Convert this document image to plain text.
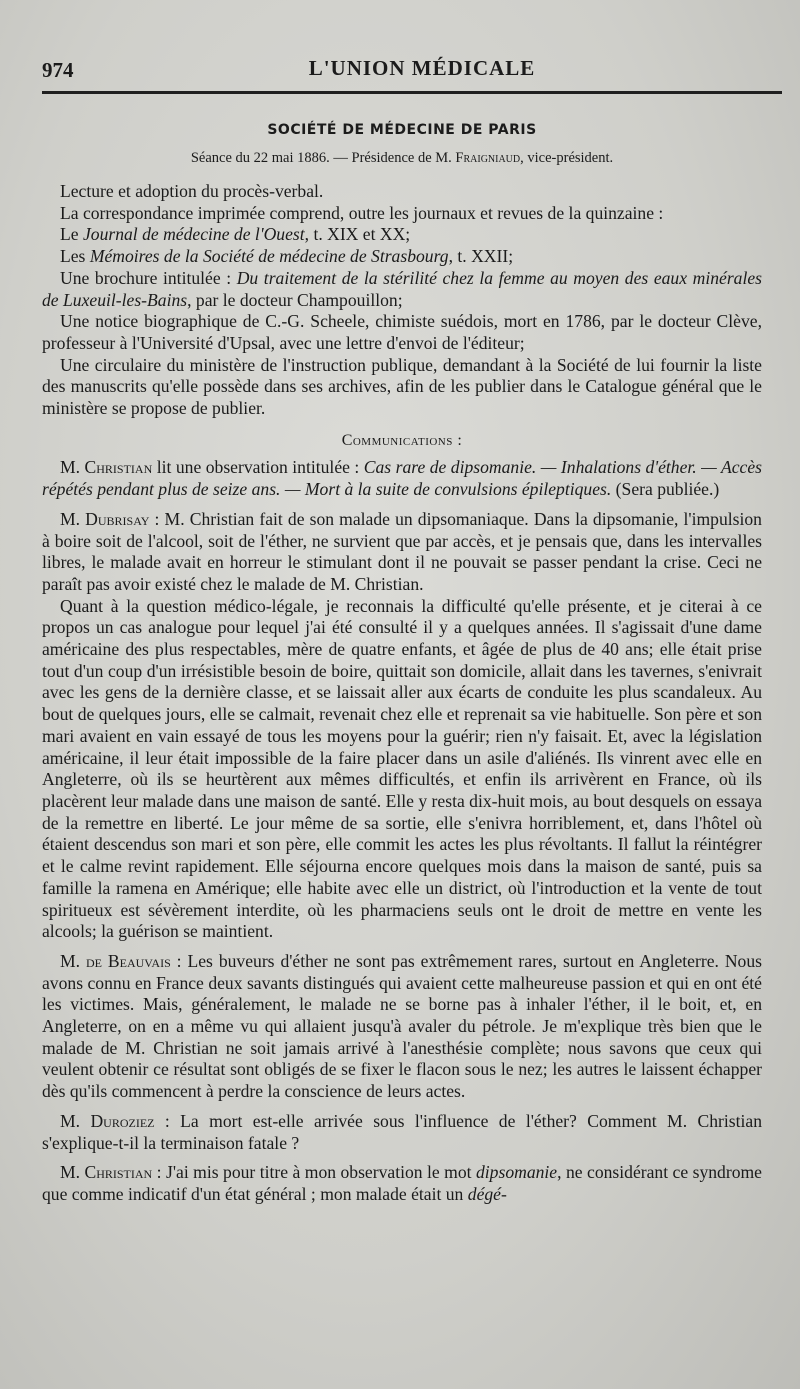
974	L'UNION MÉDICALE
SOCIÉTÉ DE MÉDECINE DE PARIS
Séance du 22 mai 1886. — Présidence de M. Fraigniaud, vice-président.

Lecture et adoption du procès-verbal.

La correspondance imprimée comprend, outre les journaux et revues de la quinzaine :

Le Journal de médecine de l'Ouest, t. XIX et XX;

Les Mémoires de la Société de médecine de Strasbourg, t. XXII;

Une brochure intitulée : Du traitement de la stérilité chez la femme au moyen des eaux minérales de Luxeuil-les-Bains, par le docteur Champouillon;

Une notice biographique de C.-G. Scheele, chimiste suédois, mort en 1786, par le docteur Clève, professeur à l'Université d'Upsal, avec une lettre d'envoi de l'éditeur;

Une circulaire du ministère de l'instruction publique, demandant à la Société de lui fournir la liste des manuscrits qu'elle possède dans ses archives, afin de les publier dans le Catalogue général que le ministère se propose de publier.

Communications :

M. Christian lit une observation intitulée : Cas rare de dipsomanie. — Inhalations d'éther. — Accès répétés pendant plus de seize ans. — Mort à la suite de convulsions épileptiques. (Sera publiée.)

M. Dubrisay : M. Christian fait de son malade un dipsomaniaque. Dans la dipsomanie, l'impulsion à boire soit de l'alcool, soit de l'éther, ne survient que par accès, et je pensais que, dans les intervalles libres, le malade avait en horreur le stimulant dont il ne pouvait se passer pendant la crise. Ceci ne paraît pas avoir existé chez le malade de M. Christian.

Quant à la question médico-légale, je reconnais la difficulté qu'elle présente, et je citerai à ce propos un cas analogue pour lequel j'ai été consulté il y a quelques années. Il s'agissait d'une dame américaine des plus respectables, mère de quatre enfants, et âgée de plus de 40 ans; elle était prise tout d'un coup d'un irrésistible besoin de boire, quittait son domicile, allait dans les tavernes, s'enivrait avec les gens de la dernière classe, et se laissait aller aux écarts de conduite les plus scandaleux. Au bout de quelques jours, elle se calmait, revenait chez elle et reprenait sa vie habituelle. Son père et son mari avaient en vain essayé de tous les moyens pour la guérir; rien n'y faisait. Et, avec la législation américaine, il leur était impossible de la faire placer dans un asile d'aliénés. Ils vinrent avec elle en Angleterre, où ils se heurtèrent aux mêmes difficultés, et enfin ils arrivèrent en France, où ils placèrent leur malade dans une maison de santé. Elle y resta dix-huit mois, au bout desquels on essaya de la remettre en liberté. Le jour même de sa sortie, elle s'enivra horriblement, et, dans l'hôtel où étaient descendus son mari et son père, elle commit les actes les plus révoltants. Il fallut la réintégrer et le calme revint rapidement. Elle séjourna encore quelques mois dans la maison de santé, puis sa famille la ramena en Amérique; elle habite avec elle un district, où l'introduction et la vente de tout spiritueux est sévèrement interdite, où les pharmaciens seuls ont le droit de mettre en vente les alcools; la guérison se maintient.

M. de Beauvais : Les buveurs d'éther ne sont pas extrêmement rares, surtout en Angleterre. Nous avons connu en France deux savants distingués qui avaient cette malheureuse passion et qui en ont été les victimes. Mais, généralement, le malade ne se borne pas à inhaler l'éther, il le boit, et, en Angleterre, on en a même vu qui allaient jusqu'à avaler du pétrole. Je m'explique très bien que le malade de M. Christian ne soit jamais arrivé à l'anesthésie complète; nous savons que ceux qui veulent obtenir ce résultat sont obligés de se fixer le flacon sous le nez; les autres le laissent échapper dès qu'ils commencent à perdre la conscience de leurs actes.

M. Duroziez : La mort est-elle arrivée sous l'influence de l'éther? Comment M. Christian s'explique-t-il la terminaison fatale ?

M. Christian : J'ai mis pour titre à mon observation le mot dipsomanie, ne considérant ce syndrome que comme indicatif d'un état général ; mon malade était un dégé-
